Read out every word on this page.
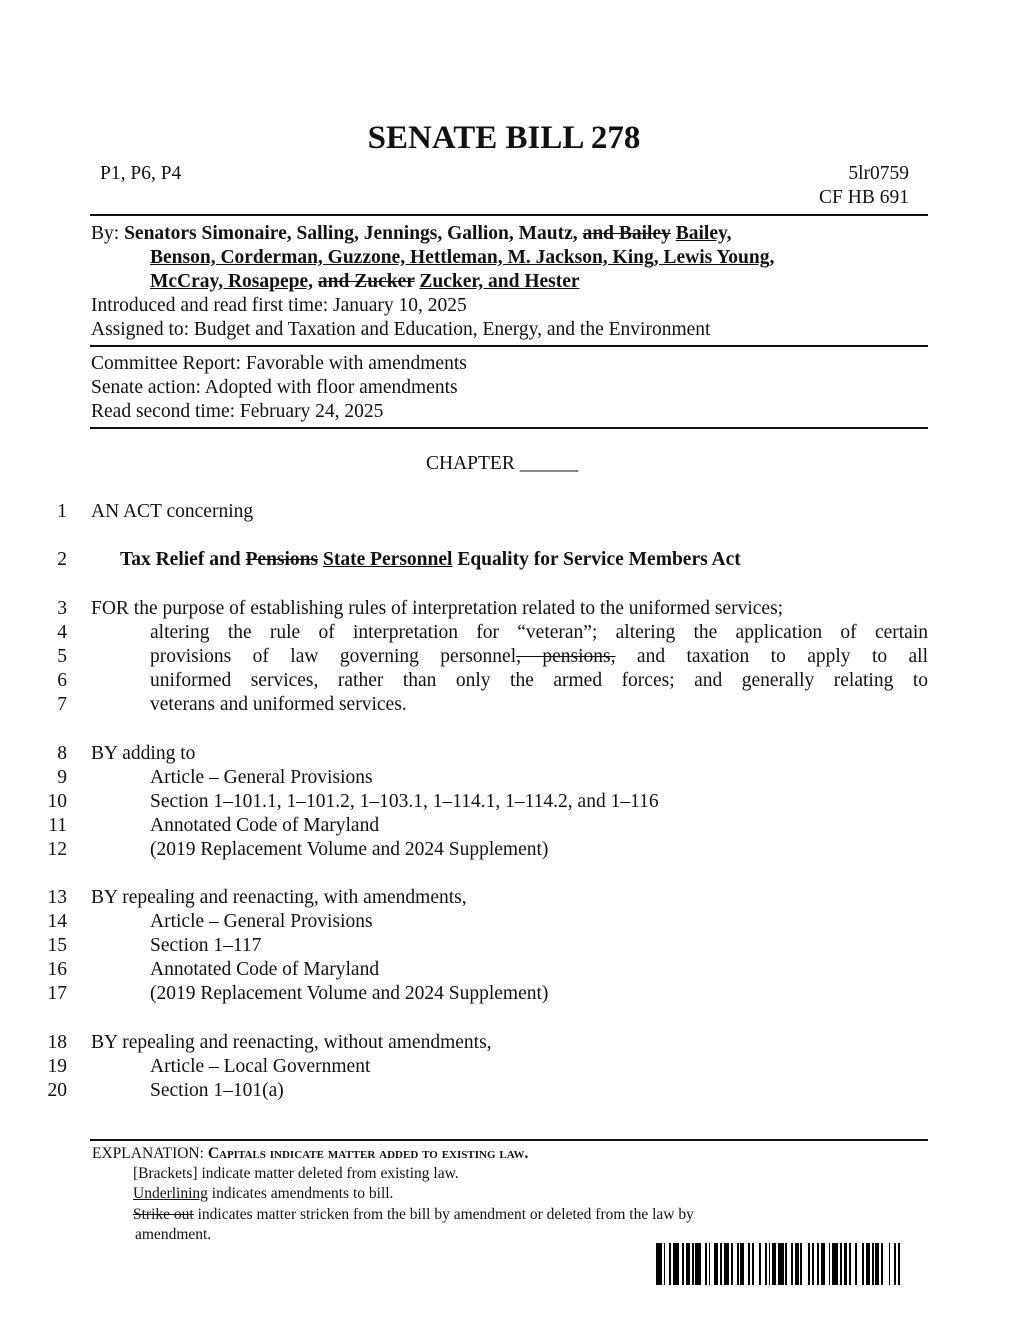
SENATE BILL 278
P1, P6, P4	5lr0759
CF HB 691
By: Senators Simonaire, Salling, Jennings, Gallion, Mautz, and Bailey Bailey,
Benson, Corderman, Guzzone, Hettleman, M. Jackson, King, Lewis Young,
McCray, Rosapepe, and Zucker Zucker, and Hester
Introduced and read first time: January 10, 2025
Assigned to: Budget and Taxation and Education, Energy, and the Environment
Committee Report: Favorable with amendments
Senate action: Adopted with floor amendments
Read second time: February 24, 2025
CHAPTER ______
1
2
3
4
5
6
7
8
9
10
11
12
13
14
15
16
17
18
19
20
AN ACT concerning
Tax Relief and Pensions State Personnel Equality for Service Members Act
FOR the purpose of establishing rules of interpretation related to the uniformed services;
altering the rule of interpretation for “veteran”; altering the application of certain
provisions of law governing personnel, pensions, and taxation to apply to all
uniformed services, rather than only the armed forces; and generally relating to
veterans and uniformed services.
BY adding to
Article – General Provisions
Section 1–101.1, 1–101.2, 1–103.1, 1–114.1, 1–114.2, and 1–116
Annotated Code of Maryland
(2019 Replacement Volume and 2024 Supplement)
BY repealing and reenacting, with amendments,
Article – General Provisions
Section 1–117
Annotated Code of Maryland
(2019 Replacement Volume and 2024 Supplement)
BY repealing and reenacting, without amendments,
Article – Local Government
Section 1–101(a)
EXPLANATION: Capitals indicate matter added to existing law.
[Brackets] indicate matter deleted from existing law.
Underlining indicates amendments to bill.
Strike out indicates matter stricken from the bill by amendment or deleted from the law by
amendment.
